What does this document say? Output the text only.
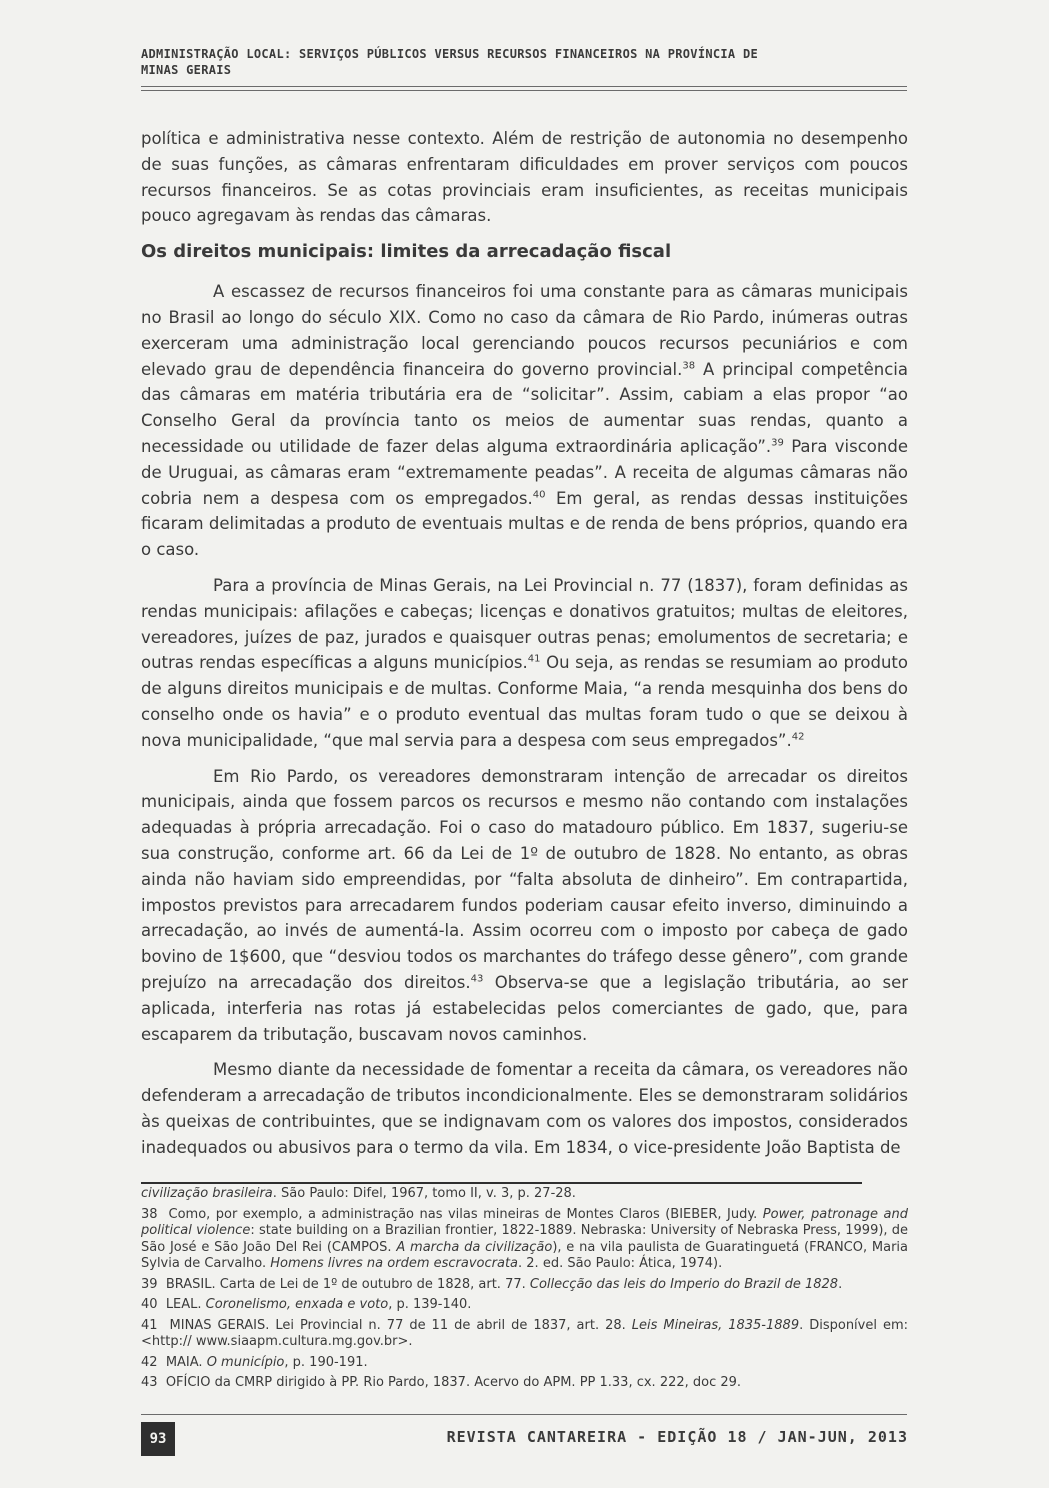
ADMINISTRAÇÃO LOCAL: SERVIÇOS PÚBLICOS VERSUS RECURSOS FINANCEIROS NA PROVÍNCIA DE MINAS GERAIS

política e administrativa nesse contexto. Além de restrição de autonomia no desempenho de suas funções, as câmaras enfrentaram dificuldades em prover serviços com poucos recursos financeiros. Se as cotas provinciais eram insuficientes, as receitas municipais pouco agregavam às rendas das câmaras.

Os direitos municipais: limites da arrecadação fiscal

A escassez de recursos financeiros foi uma constante para as câmaras municipais no Brasil ao longo do século XIX. Como no caso da câmara de Rio Pardo, inúmeras outras exerceram uma administração local gerenciando poucos recursos pecuniários e com elevado grau de dependência financeira do governo provincial.$^{38}$ A principal competência das câmaras em matéria tributária era de “solicitar”. Assim, cabiam a elas propor “ao Conselho Geral da província tanto os meios de aumentar suas rendas, quanto a necessidade ou utilidade de fazer delas alguma extraordinária aplicação”.$^{39}$ Para visconde de Uruguai, as câmaras eram “extremamente peadas”. A receita de algumas câmaras não cobria nem a despesa com os empregados.$^{40}$ Em geral, as rendas dessas instituições ficaram delimitadas a produto de eventuais multas e de renda de bens próprios, quando era o caso.

Para a província de Minas Gerais, na Lei Provincial n. 77 (1837), foram definidas as rendas municipais: afilações e cabeças; licenças e donativos gratuitos; multas de eleitores, vereadores, juízes de paz, jurados e quaisquer outras penas; emolumentos de secretaria; e outras rendas específicas a alguns municípios.$^{41}$ Ou seja, as rendas se resumiam ao produto de alguns direitos municipais e de multas. Conforme Maia, “a renda mesquinha dos bens do conselho onde os havia” e o produto eventual das multas foram tudo o que se deixou à nova municipalidade, “que mal servia para a despesa com seus empregados”.$^{42}$

Em Rio Pardo, os vereadores demonstraram intenção de arrecadar os direitos municipais, ainda que fossem parcos os recursos e mesmo não contando com instalações adequadas à própria arrecadação. Foi o caso do matadouro público. Em 1837, sugeriu-se sua construção, conforme art. 66 da Lei de 1º de outubro de 1828. No entanto, as obras ainda não haviam sido empreendidas, por “falta absoluta de dinheiro”. Em contrapartida, impostos previstos para arrecadarem fundos poderiam causar efeito inverso, diminuindo a arrecadação, ao invés de aumentá-la. Assim ocorreu com o imposto por cabeça de gado bovino de 1$600, que “desviou todos os marchantes do tráfego desse gênero”, com grande prejuízo na arrecadação dos direitos.$^{43}$ Observa-se que a legislação tributária, ao ser aplicada, interferia nas rotas já estabelecidas pelos comerciantes de gado, que, para escaparem da tributação, buscavam novos caminhos.

Mesmo diante da necessidade de fomentar a receita da câmara, os vereadores não defenderam a arrecadação de tributos incondicionalmente. Eles se demonstraram solidários às queixas de contribuintes, que se indignavam com os valores dos impostos, considerados inadequados ou abusivos para o termo da vila. Em 1834, o vice-presidente João Baptista de

civilização brasileira. São Paulo: Difel, 1967, tomo II, v. 3, p. 27-28.
38 Como, por exemplo, a administração nas vilas mineiras de Montes Claros (BIEBER, Judy. Power, patronage and political violence: state building on a Brazilian frontier, 1822-1889. Nebraska: University of Nebraska Press, 1999), de São José e São João Del Rei (CAMPOS. A marcha da civilização), e na vila paulista de Guaratinguetá (FRANCO, Maria Sylvia de Carvalho. Homens livres na ordem escravocrata. 2. ed. São Paulo: Ática, 1974).
39 BRASIL. Carta de Lei de 1º de outubro de 1828, art. 77. Collecção das leis do Imperio do Brazil de 1828.
40 LEAL. Coronelismo, enxada e voto, p. 139-140.
41 MINAS GERAIS. Lei Provincial n. 77 de 11 de abril de 1837, art. 28. Leis Mineiras, 1835-1889. Disponível em: <http:// www.siaapm.cultura.mg.gov.br>.
42 MAIA. O município, p. 190-191.
43 OFÍCIO da CMRP dirigido à PP. Rio Pardo, 1837. Acervo do APM. PP 1.33, cx. 222, doc 29.
93	REVISTA CANTAREIRA - EDIÇÃO 18 / JAN-JUN, 2013
